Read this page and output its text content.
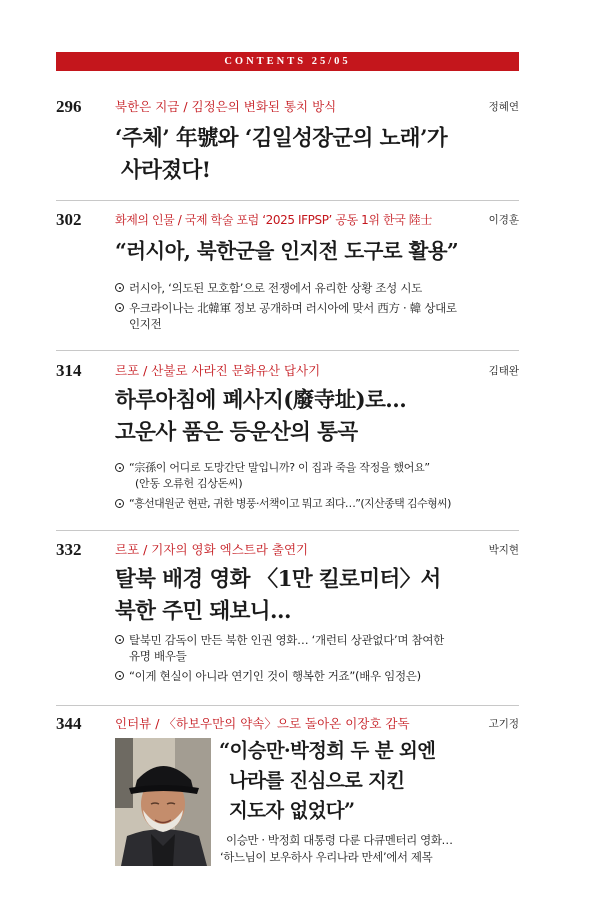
CONTENTS 25/05
296	북한은 지금 / 김정은의 변화된 통치 방식	정혜연
‘주체’ 年號와 ‘김일성장군의 노래’가
사라졌다!
302	화제의 인물 / 국제 학술 포럼 ‘2025 IFPSP’ 공동 1위 한국 陸士	이경훈
“러시아, 북한군을 인지전 도구로 활용”
러시아, ‘의도된 모호함’으로 전쟁에서 유리한 상황 조성 시도
우크라이나는 北韓軍 정보 공개하며 러시아에 맞서 西方 · 韓 상대로
인지전
314	르포 / 산불로 사라진 문화유산 답사기	김태완
하루아침에 폐사지(廢寺址)로…
고운사 품은 등운산의 통곡
“宗孫이 어디로 도망간단 말입니까? 이 집과 죽을 작정을 했어요”
(안동 오류헌 김상돈씨)
“흥선대원군 현판, 귀한 병풍·서책이고 뭐고 죄다…”(지산종택 김수형씨)
332	르포 / 기자의 영화 엑스트라 출연기	박지현
탈북 배경 영화 〈1만 킬로미터〉서
북한 주민 돼보니…
탈북민 감독이 만든 북한 인권 영화… ‘개런티 상관없다’며 참여한
유명 배우들
“이게 현실이 아니라 연기인 것이 행복한 거죠”(배우 임정은)
344	인터뷰 / 〈하보우만의 약속〉으로 돌아온 이장호 감독	고기정
“이승만·박정희 두 분 외엔
나라를 진심으로 지킨
지도자 없었다”
이승만 · 박정희 대통령 다룬 다큐멘터리 영화…
‘하느님이 보우하사 우리나라 만세’에서 제목
